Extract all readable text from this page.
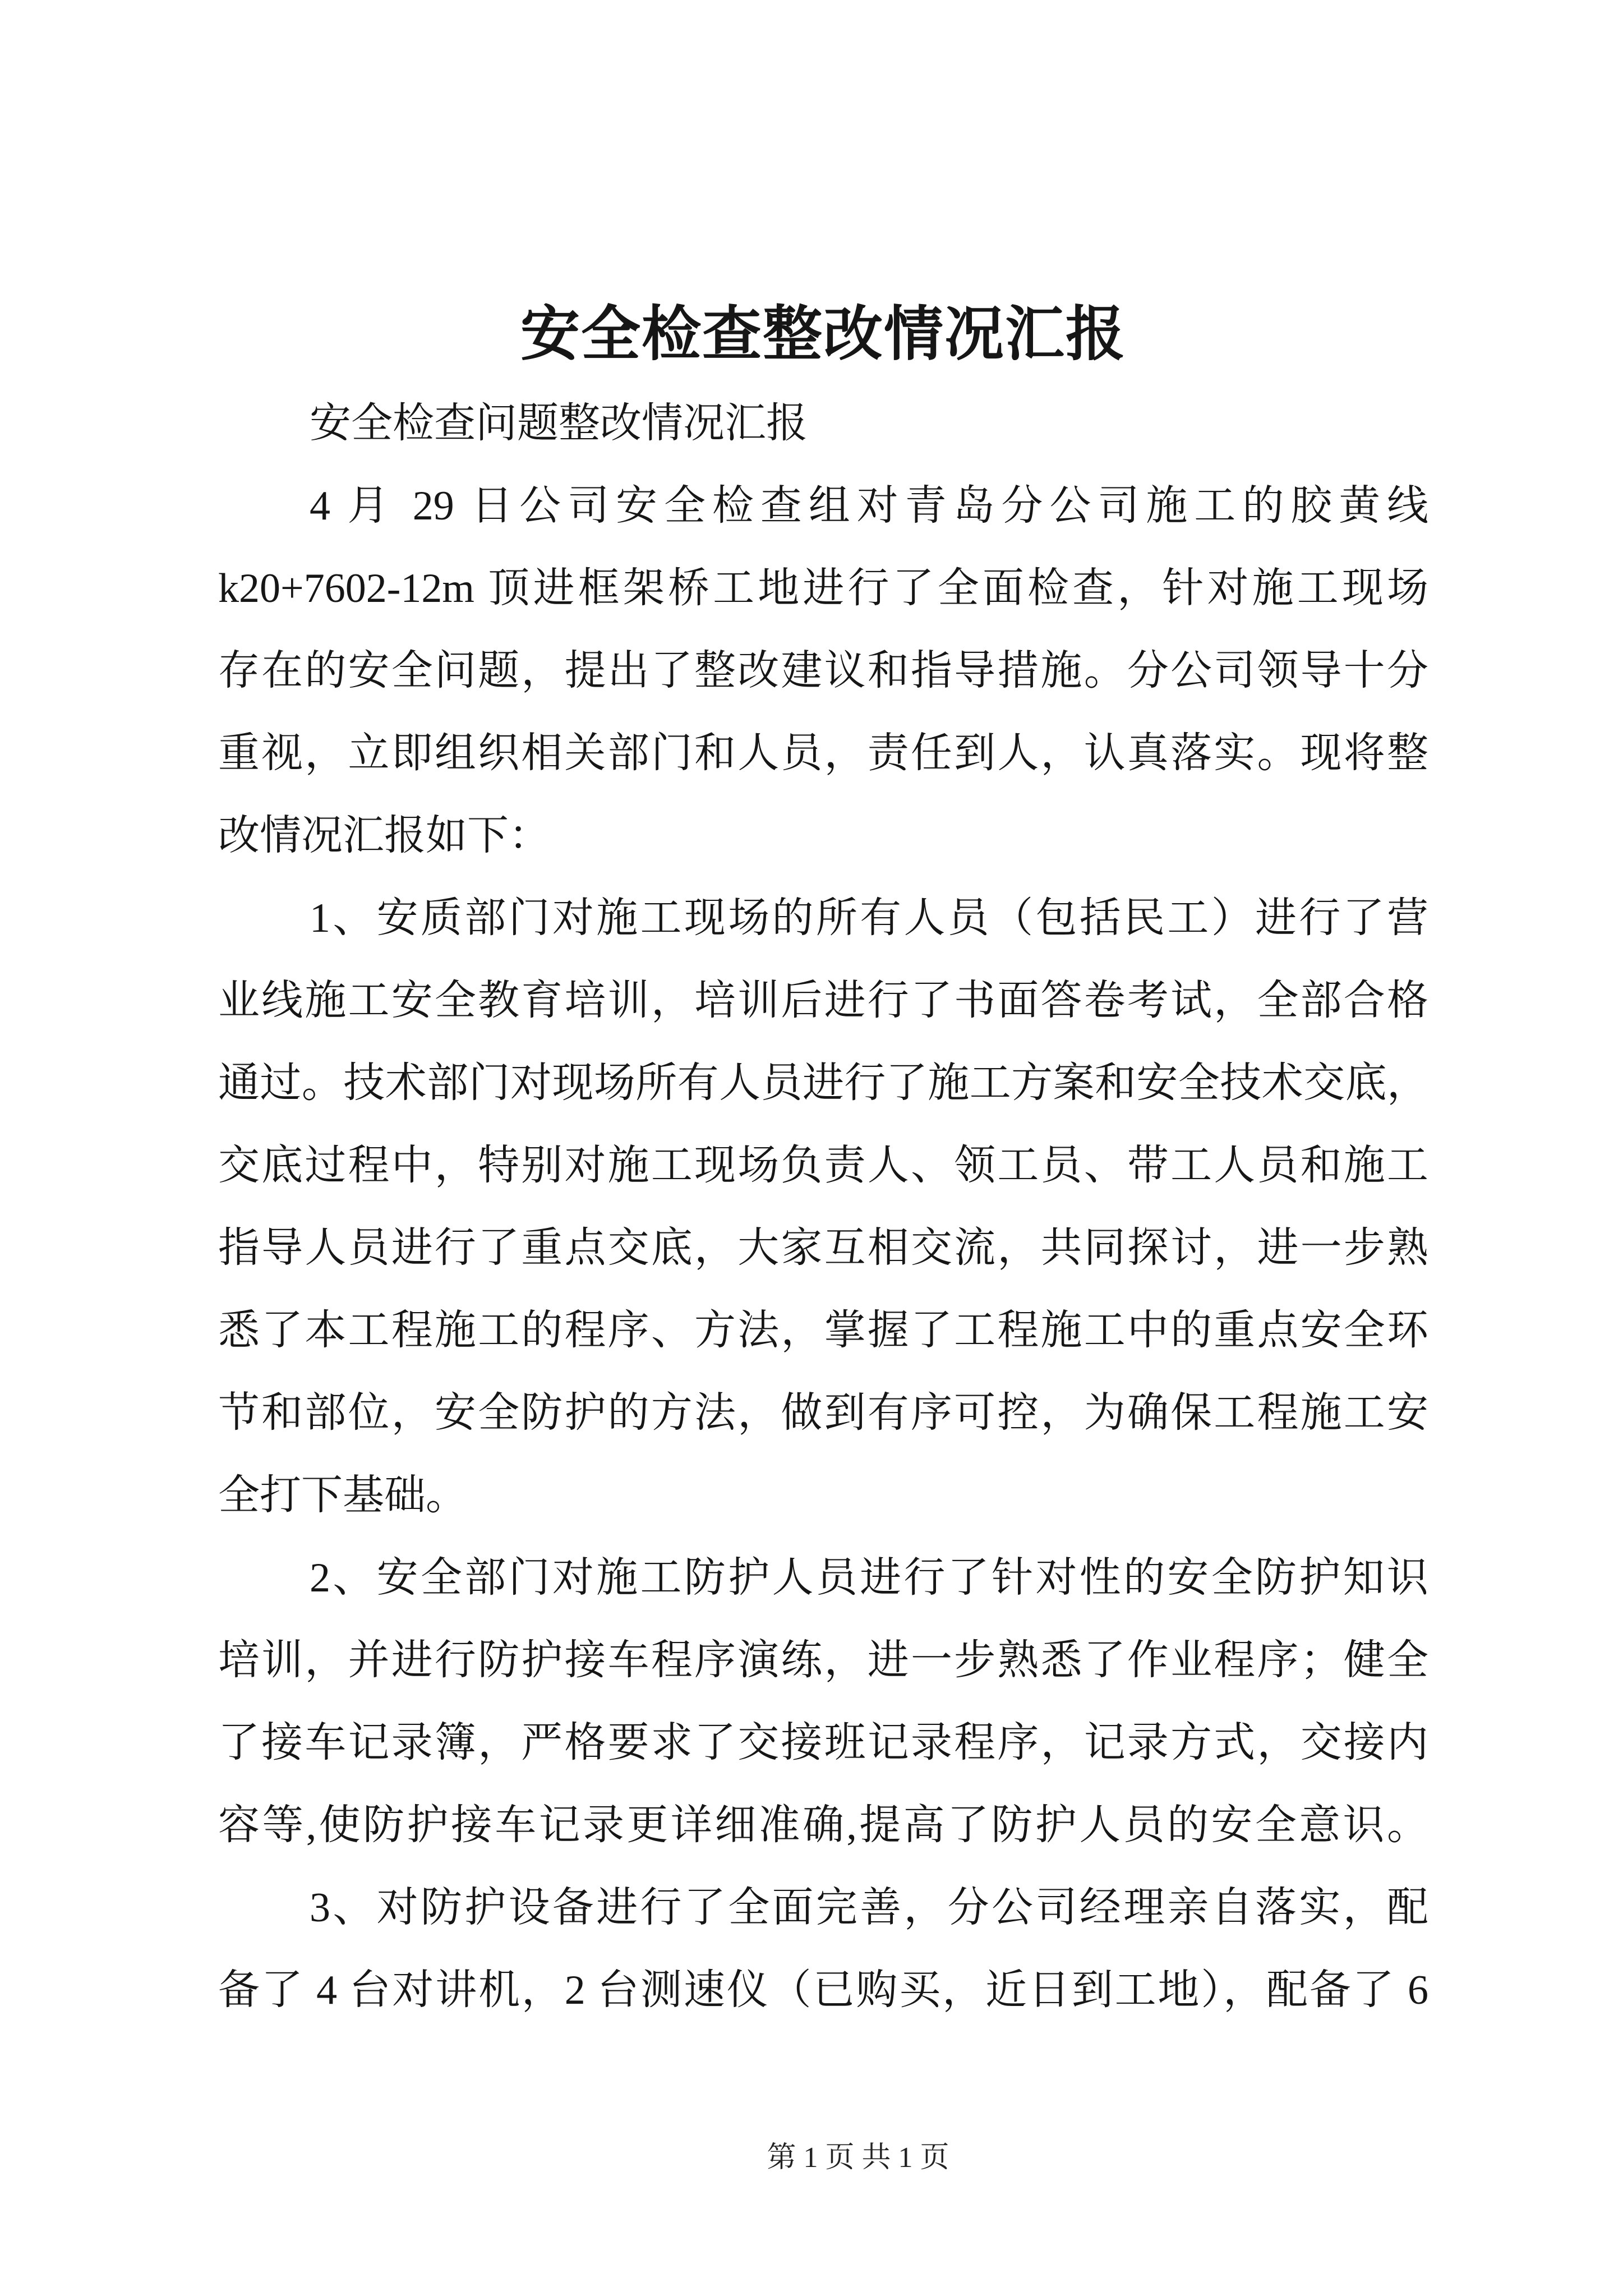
安全检查整改情况汇报
安全检查问题整改情况汇报
4 月 29 日公司安全检查组对青岛分公司施工的胶黄线
k20+7602-12m 顶进框架桥工地进行了全面检查，针对施工现场
存在的安全问题，提出了整改建议和指导措施。分公司领导十分
重视，立即组织相关部门和人员，责任到人，认真落实。现将整
改情况汇报如下：
1、安质部门对施工现场的所有人员（包括民工）进行了营
业线施工安全教育培训，培训后进行了书面答卷考试，全部合格
通过。技术部门对现场所有人员进行了施工方案和安全技术交底，
交底过程中，特别对施工现场负责人、领工员、带工人员和施工
指导人员进行了重点交底，大家互相交流，共同探讨，进一步熟
悉了本工程施工的程序、方法，掌握了工程施工中的重点安全环
节和部位，安全防护的方法，做到有序可控，为确保工程施工安
全打下基础。
2、安全部门对施工防护人员进行了针对性的安全防护知识
培训，并进行防护接车程序演练，进一步熟悉了作业程序；健全
了接车记录簿，严格要求了交接班记录程序，记录方式，交接内
容等,使防护接车记录更详细准确,提高了防护人员的安全意识。
3、对防护设备进行了全面完善，分公司经理亲自落实，配
备了 4 台对讲机，2 台测速仪（已购买，近日到工地），配备了 6
第 1 页 共 1 页
